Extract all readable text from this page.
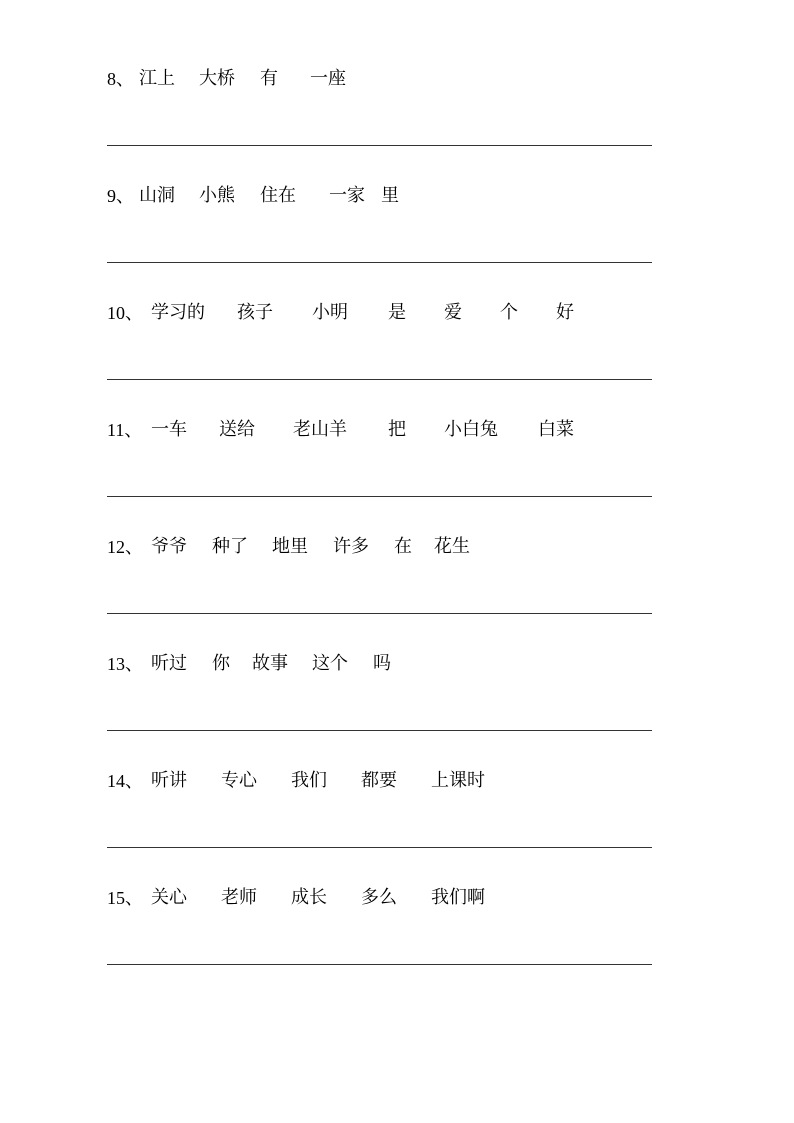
8、 江上 大桥 有 一座
9、 山洞 小熊 住在 一家 里
10、 学习的 孩子 小明 是 爱 个 好
11、 一车 送给 老山羊 把 小白兔 白菜
12、 爷爷 种了 地里 许多 在 花生
13、 听过 你 故事 这个 吗
14、 听讲 专心 我们 都要 上课时
15、 关心 老师 成长 多么 我们啊
